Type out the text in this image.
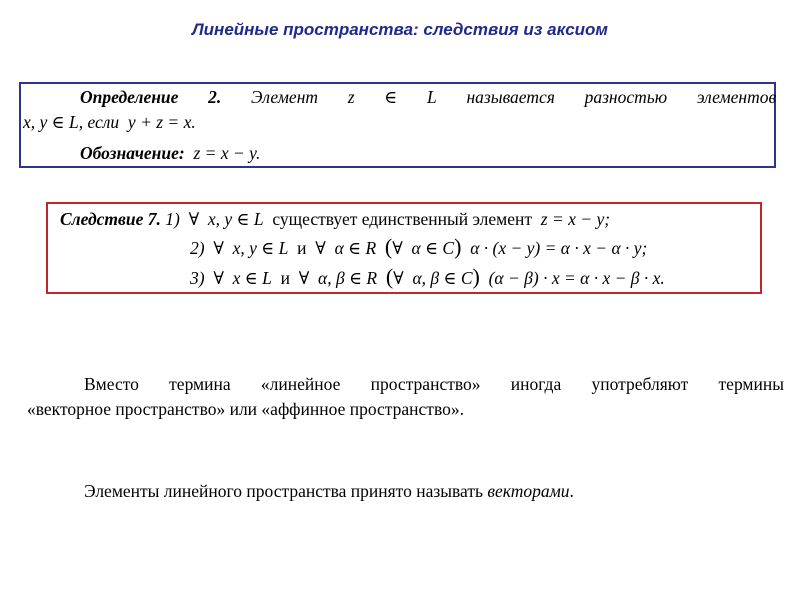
Линейные пространства: следствия из аксиом
Определение 2. Элемент z ∈ L называется разностью элементов
x, y ∈ L, если y + z = x.
Обозначение: z = x − y.
Следствие 7. 1) ∀ x, y ∈ L существует единственный элемент z = x − y;
2) ∀ x, y ∈ L и ∀ α ∈ R (∀ α ∈ C) α · (x − y) = α · x − α · y;
3) ∀ x ∈ L и ∀ α, β ∈ R (∀ α, β ∈ C) (α − β) · x = α · x − β · x.
Вместо термина «линейное пространство» иногда употребляют термины
«векторное пространство» или «аффинное пространство».
Элементы линейного пространства принято называть векторами.
